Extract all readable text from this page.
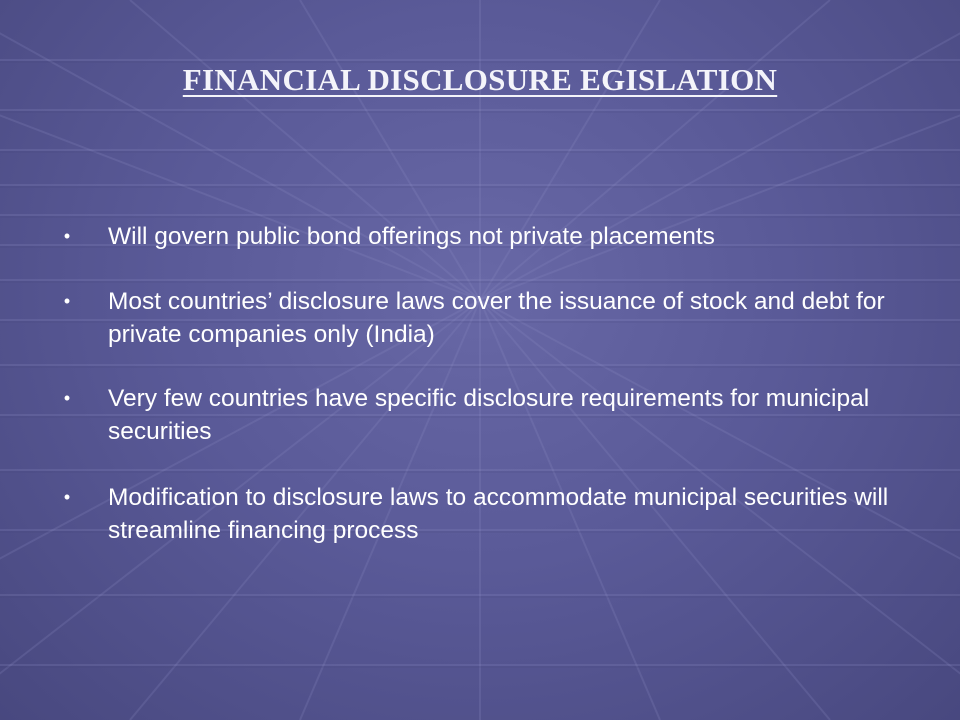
FINANCIAL DISCLOSURE EGISLATION
• Will govern public bond offerings not private placements
• Most countries’ disclosure laws cover the issuance of stock and debt for private companies only (India)
• Very few countries have specific disclosure requirements for municipal securities
• Modification to disclosure laws to accommodate municipal securities will streamline financing process
